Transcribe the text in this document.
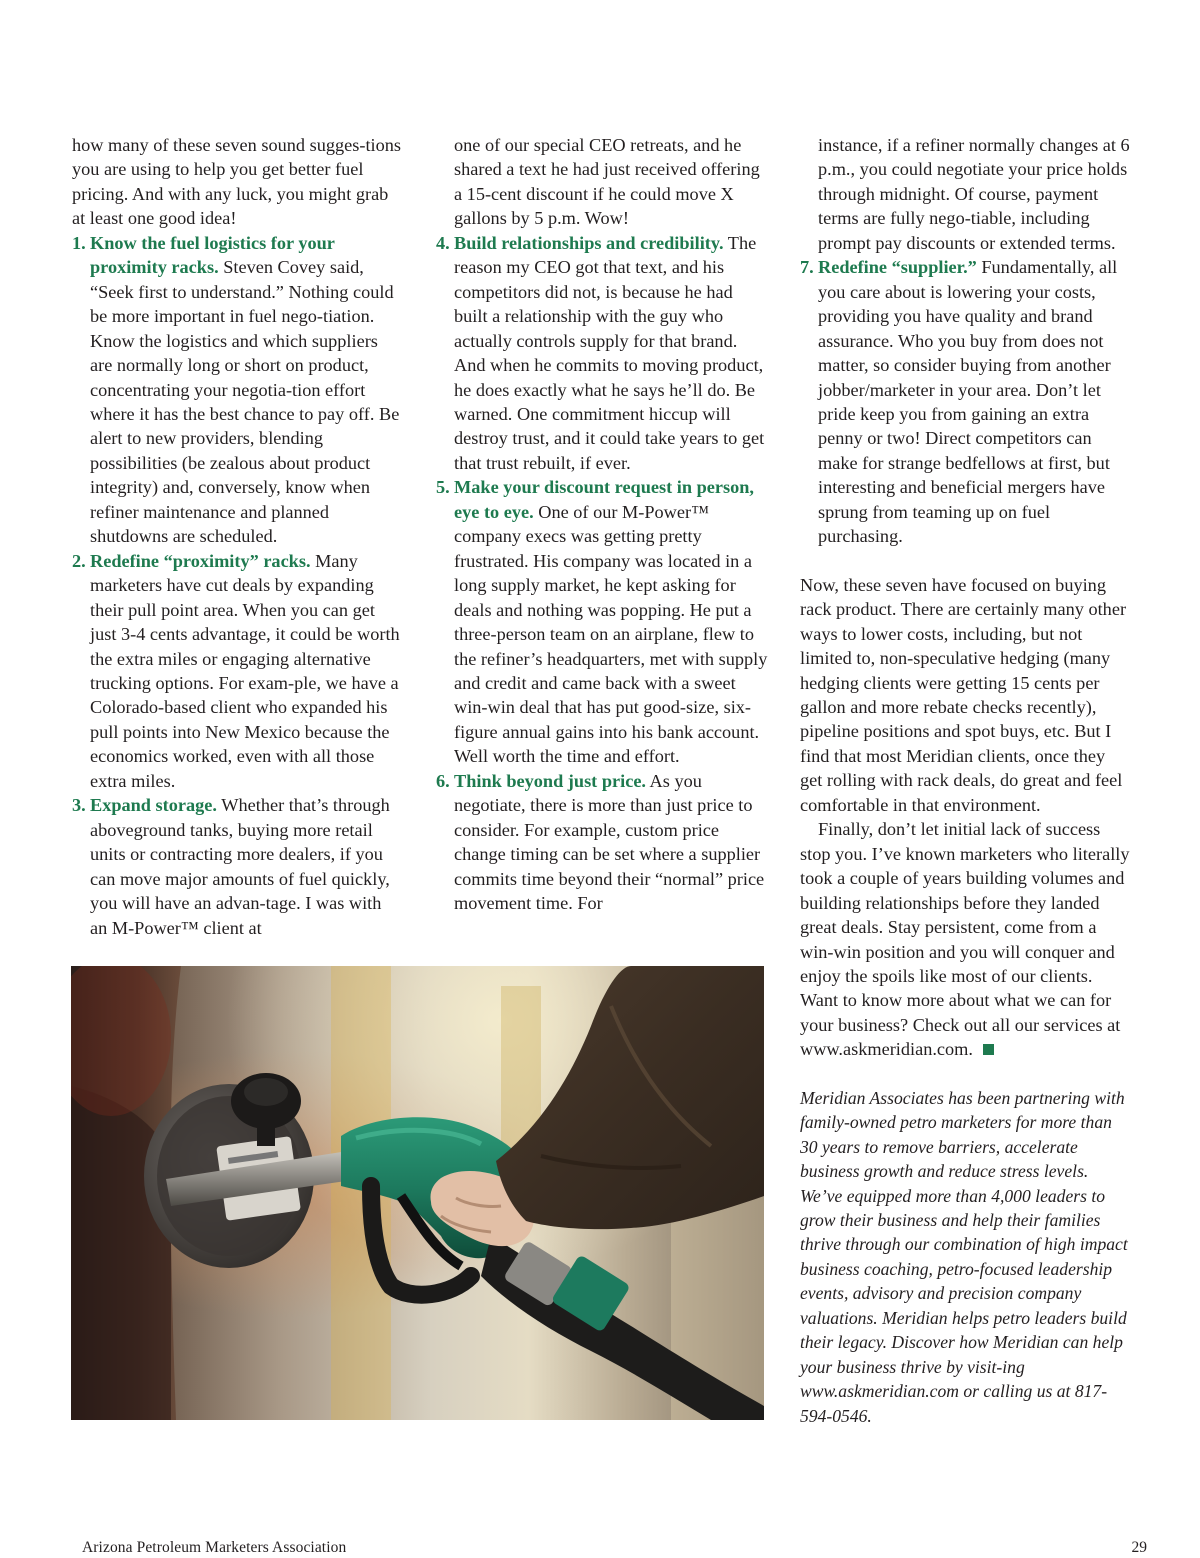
how many of these seven sound sugges-tions you are using to help you get better fuel pricing. And with any luck, you might grab at least one good idea!

1. Know the fuel logistics for your proximity racks. Steven Covey said, “Seek first to understand.” Nothing could be more important in fuel nego-tiation. Know the logistics and which suppliers are normally long or short on product, concentrating your negotia-tion effort where it has the best chance to pay off. Be alert to new providers, blending possibilities (be zealous about product integrity) and, conversely, know when refiner maintenance and planned shutdowns are scheduled.

2. Redefine “proximity” racks. Many marketers have cut deals by expanding their pull point area. When you can get just 3-4 cents advantage, it could be worth the extra miles or engaging alternative trucking options. For exam-ple, we have a Colorado-based client who expanded his pull points into New Mexico because the economics worked, even with all those extra miles.

3. Expand storage. Whether that’s through aboveground tanks, buying more retail units or contracting more dealers, if you can move major amounts of fuel quickly, you will have an advan-tage. I was with an M-Power™ client at

one of our special CEO retreats, and he shared a text he had just received offering a 15-cent discount if he could move X gallons by 5 p.m. Wow!

4. Build relationships and credibility. The reason my CEO got that text, and his competitors did not, is because he had built a relationship with the guy who actually controls supply for that brand. And when he commits to moving product, he does exactly what he says he’ll do. Be warned. One commitment hiccup will destroy trust, and it could take years to get that trust rebuilt, if ever.

5. Make your discount request in person, eye to eye. One of our M-Power™ company execs was getting pretty frustrated. His company was located in a long supply market, he kept asking for deals and nothing was popping. He put a three-person team on an airplane, flew to the refiner’s headquarters, met with supply and credit and came back with a sweet win-win deal that has put good-size, six-figure annual gains into his bank account. Well worth the time and effort.

6. Think beyond just price. As you negotiate, there is more than just price to consider. For example, custom price change timing can be set where a supplier commits time beyond their “normal” price movement time. For

instance, if a refiner normally changes at 6 p.m., you could negotiate your price holds through midnight. Of course, payment terms are fully nego-tiable, including prompt pay discounts or extended terms.

7. Redefine “supplier.” Fundamentally, all you care about is lowering your costs, providing you have quality and brand assurance. Who you buy from does not matter, so consider buying from another jobber/marketer in your area. Don’t let pride keep you from gaining an extra penny or two! Direct competitors can make for strange bedfellows at first, but interesting and beneficial mergers have sprung from teaming up on fuel purchasing.

Now, these seven have focused on buying rack product. There are certainly many other ways to lower costs, including, but not limited to, non-speculative hedging (many hedging clients were getting 15 cents per gallon and more rebate checks recently), pipeline positions and spot buys, etc. But I find that most Meridian clients, once they get rolling with rack deals, do great and feel comfortable in that environment.

Finally, don’t let initial lack of success stop you. I’ve known marketers who literally took a couple of years building volumes and building relationships before they landed great deals. Stay persistent, come from a win-win position and you will conquer and enjoy the spoils like most of our clients. Want to know more about what we can for your business? Check out all our services at www.askmeridian.com.

Meridian Associates has been partnering with family-owned petro marketers for more than 30 years to remove barriers, accelerate business growth and reduce stress levels. We’ve equipped more than 4,000 leaders to grow their business and help their families thrive through our combination of high impact business coaching, petro-focused leadership events, advisory and precision company valuations. Meridian helps petro leaders build their legacy. Discover how Meridian can help your business thrive by visit-ing www.askmeridian.com or calling us at 817-594-0546.

Arizona Petroleum Marketers Association	29
